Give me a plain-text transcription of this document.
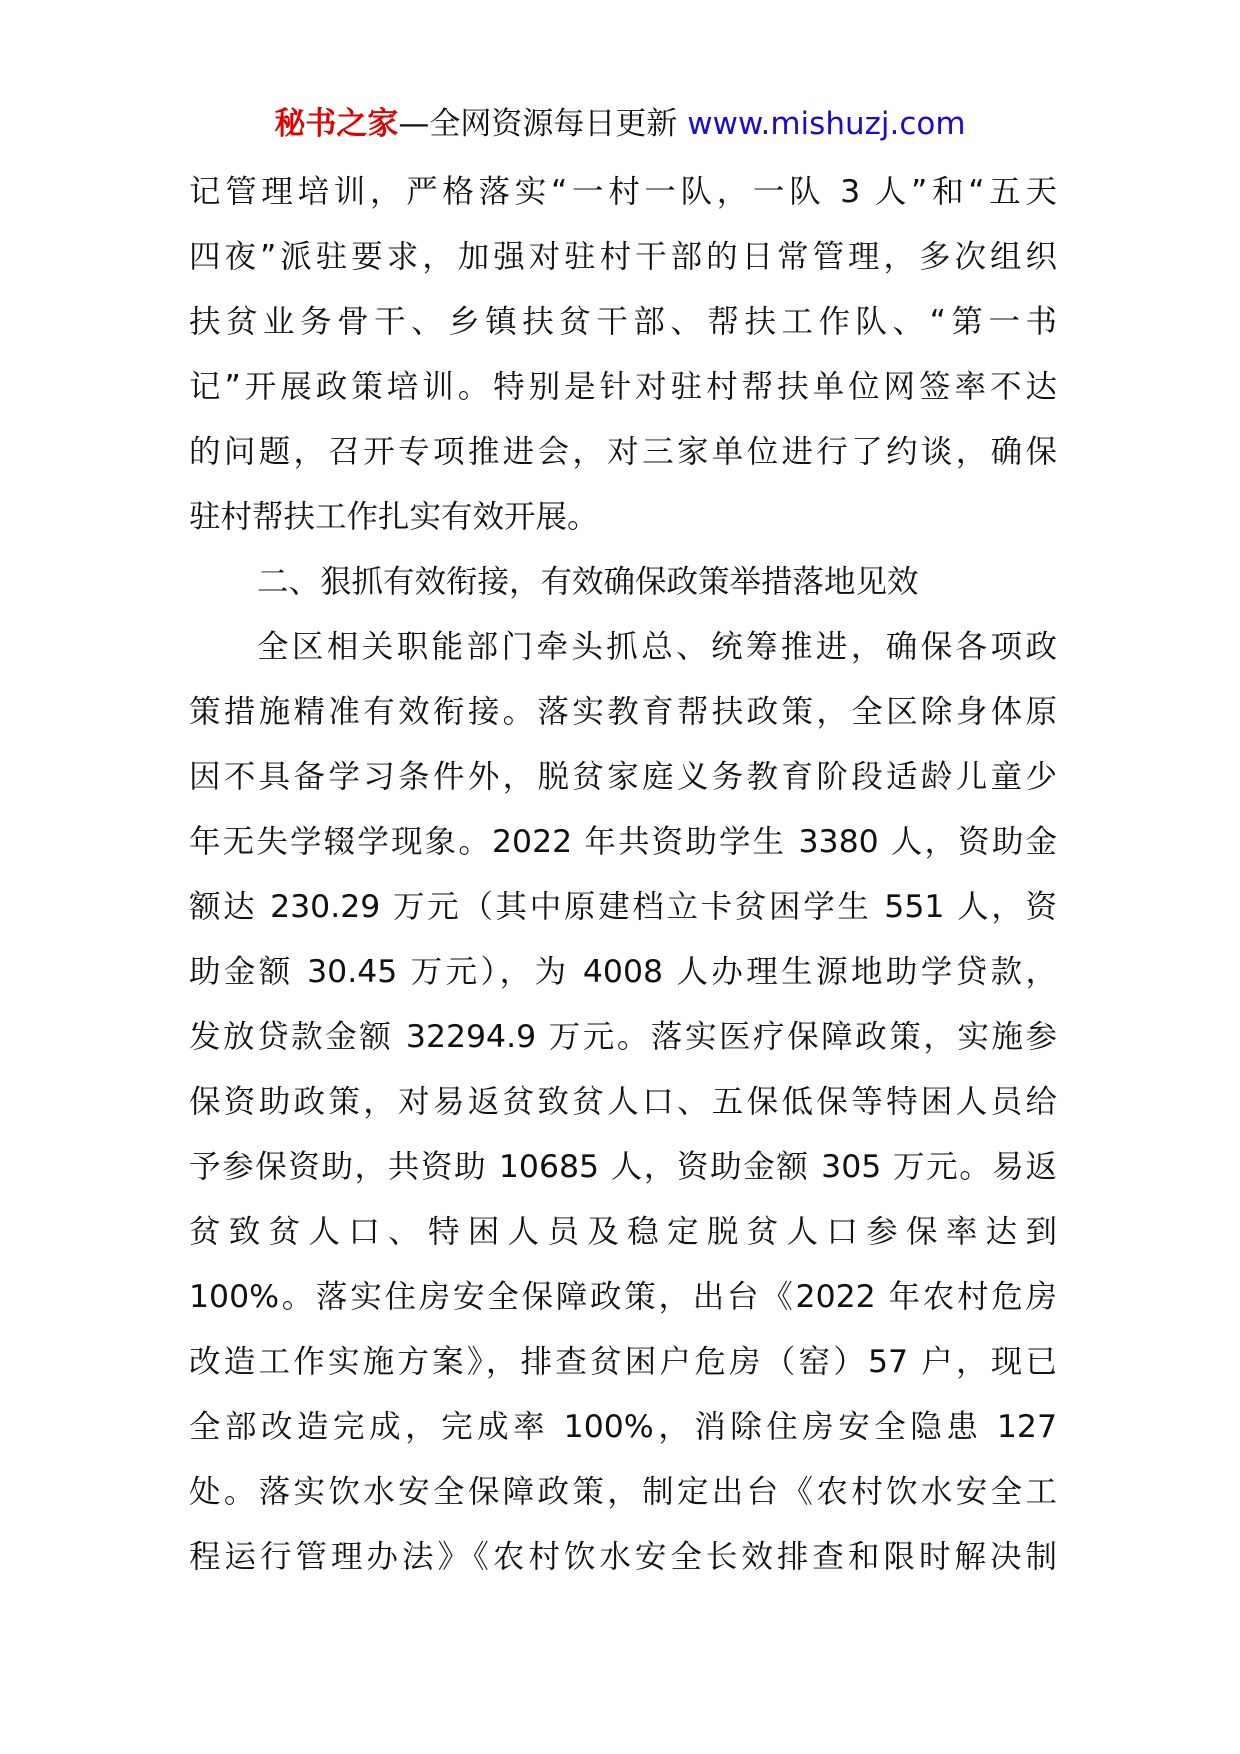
秘书之家—全网资源每日更新 www.mishuzj.com
记管理培训，严格落实“一村一队，一队 3 人”和“五天
四夜”派驻要求，加强对驻村干部的日常管理，多次组织
扶贫业务骨干、乡镇扶贫干部、帮扶工作队、“第一书
记”开展政策培训。特别是针对驻村帮扶单位网签率不达
的问题，召开专项推进会，对三家单位进行了约谈，确保
驻村帮扶工作扎实有效开展。
二、狠抓有效衔接，有效确保政策举措落地见效
全区相关职能部门牵头抓总、统筹推进，确保各项政
策措施精准有效衔接。落实教育帮扶政策，全区除身体原
因不具备学习条件外，脱贫家庭义务教育阶段适龄儿童少
年无失学辍学现象。2022 年共资助学生 3380 人，资助金
额达 230.29 万元（其中原建档立卡贫困学生 551 人，资
助金额 30.45 万元），为 4008 人办理生源地助学贷款，
发放贷款金额 32294.9 万元。落实医疗保障政策，实施参
保资助政策，对易返贫致贫人口、五保低保等特困人员给
予参保资助，共资助 10685 人，资助金额 305 万元。易返
贫致贫人口、特困人员及稳定脱贫人口参保率达到
100%。落实住房安全保障政策，出台《2022 年农村危房
改造工作实施方案》，排查贫困户危房（窑）57 户，现已
全部改造完成，完成率 100%，消除住房安全隐患 127
处。落实饮水安全保障政策，制定出台《农村饮水安全工
程运行管理办法》《农村饮水安全长效排查和限时解决制
